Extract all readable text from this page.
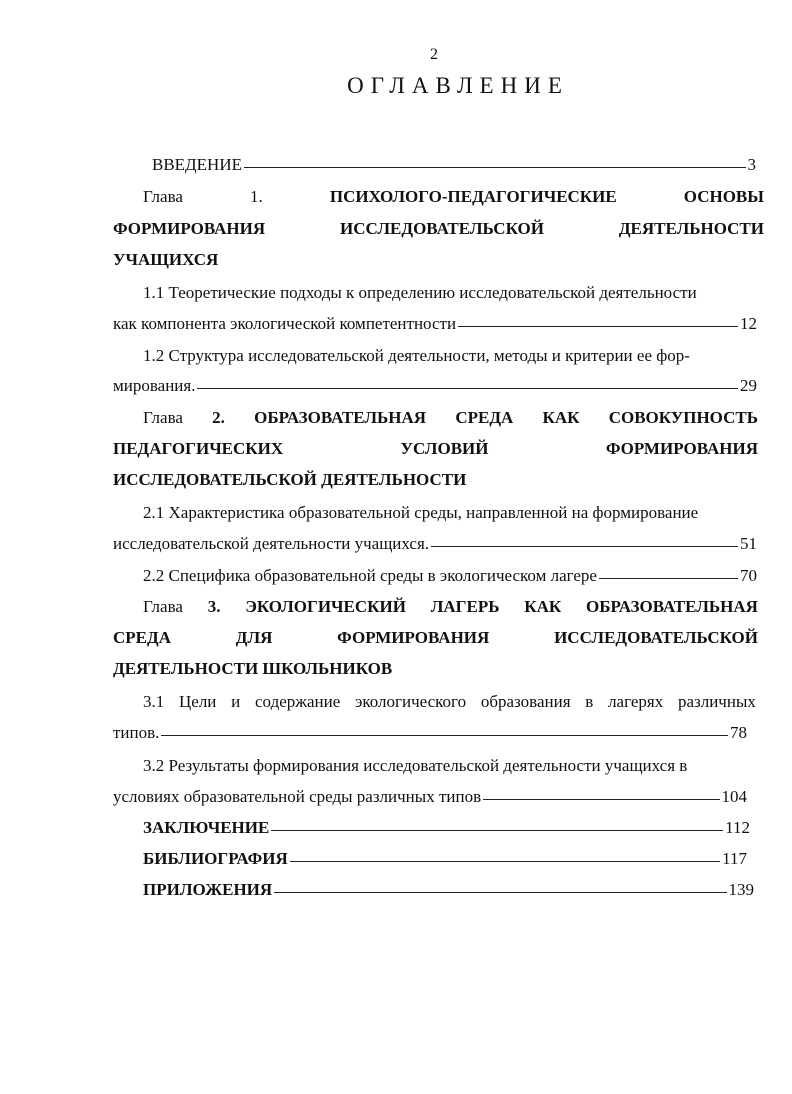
2
ОГЛАВЛЕНИЕ
ВВЕДЕНИЕ	3
Глава	1.	ПСИХОЛОГО-ПЕДАГОГИЧЕСКИЕ	ОСНОВЫ
ФОРМИРОВАНИЯ	ИССЛЕДОВАТЕЛЬСКОЙ	ДЕЯТЕЛЬНОСТИ
УЧАЩИХСЯ
1.1 Теоретические подходы к определению исследовательской деятельности
как компонента экологической компетентности	12
1.2 Структура исследовательской деятельности, методы и критерии ее фор-
мирования.	29
Глава 2. ОБРАЗОВАТЕЛЬНАЯ СРЕДА КАК СОВОКУПНОСТЬ
ПЕДАГОГИЧЕСКИХ	УСЛОВИЙ	ФОРМИРОВАНИЯ
ИССЛЕДОВАТЕЛЬСКОЙ ДЕЯТЕЛЬНОСТИ
2.1 Характеристика образовательной среды, направленной на формирование
исследовательской деятельности учащихся.	51
2.2 Специфика образовательной среды в экологическом лагере	70
Глава 3. ЭКОЛОГИЧЕСКИЙ ЛАГЕРЬ КАК ОБРАЗОВАТЕЛЬНАЯ
СРЕДА	ДЛЯ	ФОРМИРОВАНИЯ	ИССЛЕДОВАТЕЛЬСКОЙ
ДЕЯТЕЛЬНОСТИ ШКОЛЬНИКОВ
3.1 Цели и содержание экологического образования в лагерях различных
типов.	78
3.2 Результаты формирования исследовательской деятельности учащихся в
условиях образовательной среды различных типов	104
ЗАКЛЮЧЕНИЕ	112
БИБЛИОГРАФИЯ	117
ПРИЛОЖЕНИЯ	139
